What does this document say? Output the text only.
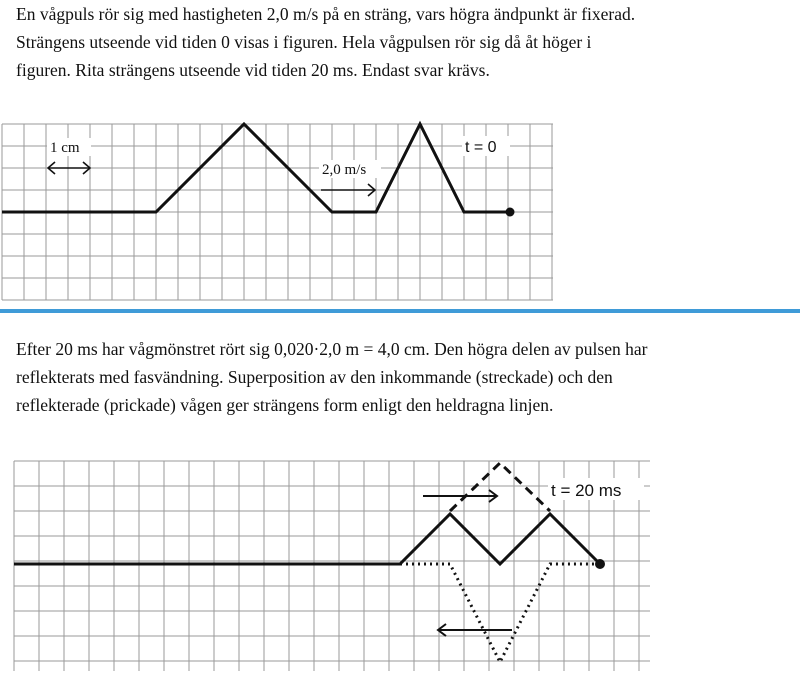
En vågpuls rör sig med hastigheten 2,0 m/s på en sträng, vars högra ändpunkt är fixerad.
Strängens utseende vid tiden 0 visas i figuren. Hela vågpulsen rör sig då åt höger i
figuren. Rita strängens utseende vid tiden 20 ms. Endast svar krävs.

1 cm
2,0 m/s
t = 0

Efter 20 ms har vågmönstret rört sig 0,020·2,0 m = 4,0 cm. Den högra delen av pulsen har
reflekterats med fasvändning. Superposition av den inkommande (streckade) och den
reflekterade (prickade) vågen ger strängens form enligt den heldragna linjen.

t = 20 ms
